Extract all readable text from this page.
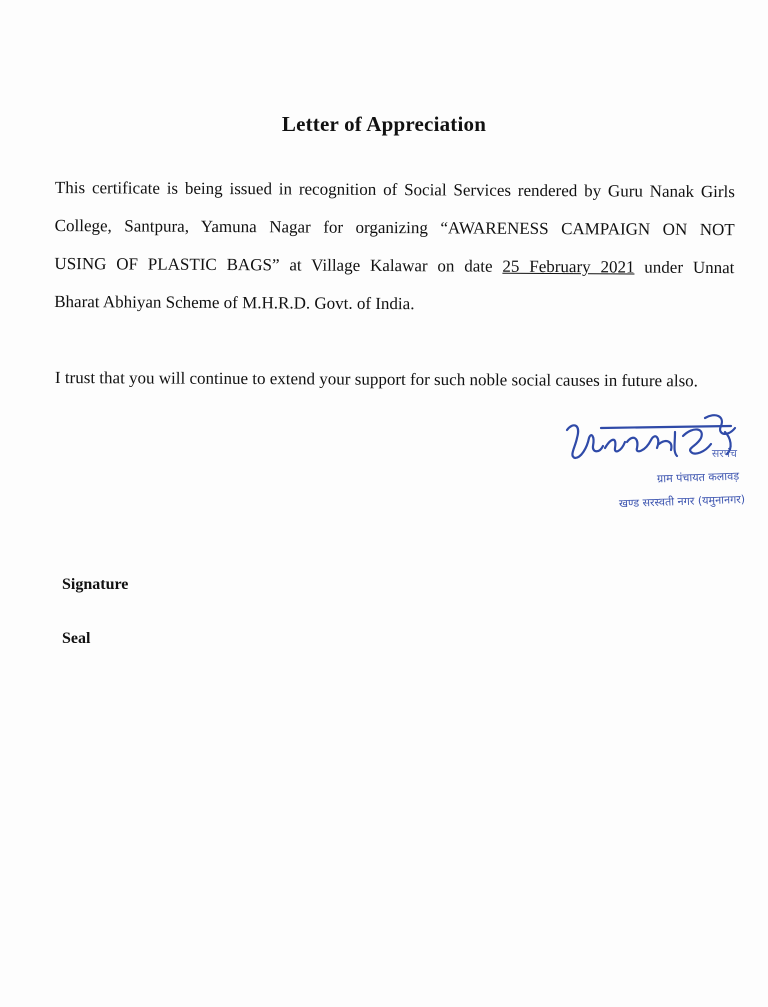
Letter of Appreciation
This certificate is being issued in recognition of Social Services rendered by Guru Nanak Girls
College, Santpura, Yamuna Nagar for organizing “AWARENESS CAMPAIGN ON NOT
USING OF PLASTIC BAGS” at Village Kalawar on date 25 February 2021 under Unnat
Bharat Abhiyan Scheme of M.H.R.D. Govt. of India.
I trust that you will continue to extend your support for such noble social causes in future also.
सरपंच
ग्राम पंचायत कलावड़
खण्ड सरस्वती नगर (यमुनानगर)
Signature
Seal
